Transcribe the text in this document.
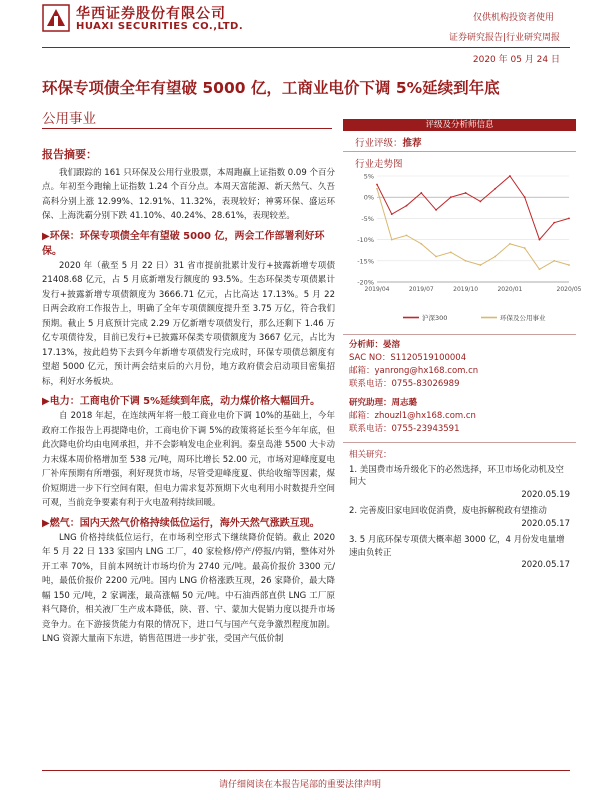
华西证券股份有限公司
HUAXI SECURITIES CO.,LTD.
仅供机构投资者使用
证券研究报告|行业研究周报
2020 年 05 月 24 日
环保专项债全年有望破 5000 亿，工商业电价下调 5%延续到年底
公用事业
报告摘要：
我们跟踪的 161 只环保及公用行业股票，本周跑赢上证指数 0.09 个百分点。年初至今跑输上证指数 1.24 个百分点。本周天富能源、新天然气、久吾高科分别上涨 12.99%、12.91%、11.32%，表现较好；神雾环保、盛运环保、上海洗霸分别下跌 41.10%、40.24%、28.61%，表现较差。
▶环保：环保专项债全年有望破 5000 亿，两会工作部署利好环保。
2020 年（截至 5 月 22 日）31 省市提前批累计发行+披露新增专项债 21408.68 亿元，占 5 月底新增发行额度的 93.5%。生态环保类专项债累计发行+披露新增专项债额度为 3666.71 亿元，占比高达 17.13%。5 月 22 日两会政府工作报告上，明确了全年专项债额度提升至 3.75 万亿，符合我们预期。截止 5 月底预计完成 2.29 万亿新增专项债发行，那么还剩下 1.46 万亿专项债待发，目前已发行+已披露环保类专项债额度为 3667 亿元，占比为 17.13%，按此趋势下去到今年新增专项债发行完成时，环保专项债总额度有望超 5000 亿元，预计两会结束后的六月份，地方政府债会启动项目密集招标，利好水务板块。
▶电力：工商电价下调 5%延续到年底，动力煤价格大幅回升。
自 2018 年起，在连续两年将一般工商业电价下调 10%的基础上，今年政府工作报告上再提降电价，工商电价下调 5%的政策将延长至今年年底，但此次降电价均由电网承担，并不会影响发电企业利润。秦皇岛港 5500 大卡动力末煤本周价格增加至 538 元/吨，周环比增长 52.00 元，市场对迎峰度夏电厂补库预期有所增强，利好现货市场，尽管受迎峰度夏、供给收缩等因素，煤价短期进一步下行空间有限，但电力需求复苏预期下火电利用小时数提升空间可观，当前竞争要素有利于火电盈利持续回暖。
▶燃气：国内天然气价格持续低位运行，海外天然气涨跌互现。
LNG 价格持续低位运行，在市场利空形式下继续降价促销。截止 2020 年 5 月 22 日 133 家国内 LNG 工厂，40 家检修/停产/停报/内销，整体对外开工率 70%，目前本网统计市场均价为 2740 元/吨。最高价报价 3300 元/吨，最低价报价 2200 元/吨。国内 LNG 价格涨跌互现，26 家降价，最大降幅 150 元/吨，2 家调涨，最高涨幅 50 元/吨。中石油西部直供 LNG 工厂原料气降价，相关液厂生产成本降低，陕、晋、宁、蒙加大促销力度以提升市场竞争力。在下游接货能力有限的情况下，进口气与国产气竞争激烈程度加剧。LNG 资源大量南下东进，销售范围进一步扩张，受国产气低价制
评级及分析师信息
行业评级：推荐
行业走势图
5%
0%
-5%
-10%
-15%
-20%
2019/04	2019/07	2019/10	2020/01	2020/05
沪深300	环保及公用事业
分析师：晏溶
SAC NO：S1120519100004
邮箱：yanrong@hx168.com.cn
联系电话：0755-83026989
研究助理：周志璐
邮箱：zhouzl1@hx168.com.cn
联系电话：0755-23943591
相关研究：
1. 美国费市场升级化下的必然选择，环卫市场化动机及空间大
2020.05.19
2. 完善废旧家电回收促消费，废电拆解税政有望推动
2020.05.17
3. 5 月底环保专项债大概率超 3000 亿，4 月份发电量增速由负转正
2020.05.17
请仔细阅读在本报告尾部的重要法律声明
